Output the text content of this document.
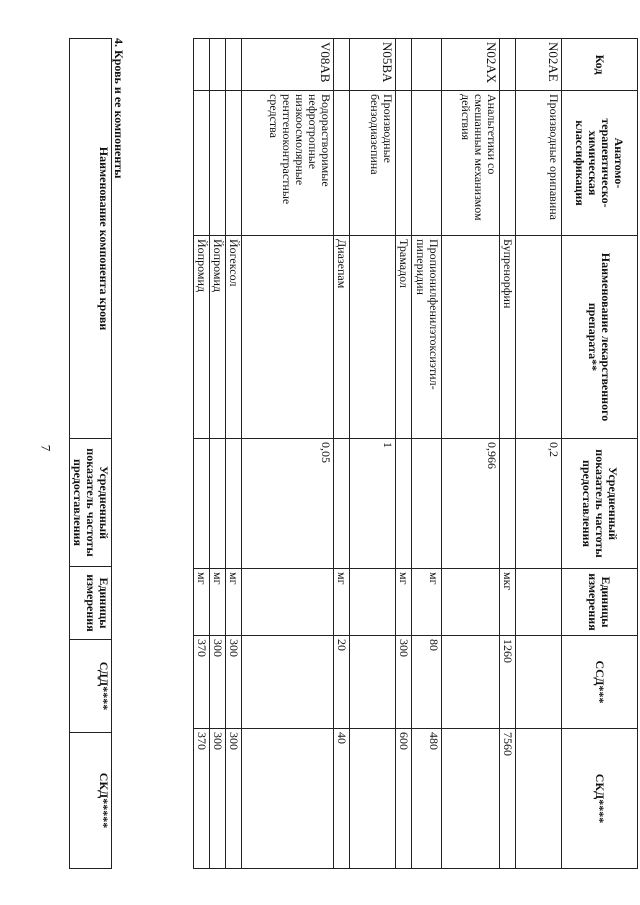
7
Код	Анатомо-терапевтическо-химическая классификация	Наименование лекарственного препарата**	Усредненный показатель частоты предоставления	Единицы измерения	ССД***	СКД****
N02AE	Производные орипавина		0,2			
		Бупренорфин		мкг	1260	7560
N02AX	Анальгетики со смешанным механизмом действия		0,966			
		Пропионилфенилэтоксиэтил-пиперидин		мг	80	480
		Трамадол		мг	300	600
N05BA	Производные бензодиазепина		1			
		Диазепам		мг	20	40
V08AB	Водорастворимые нефротропные низкоосмолярные рентгеноконтрастные средства		0,05			
		Йогексол		мг	300	300
		Йопромид		мг	300	300
		Йопромид		мг	370	370
4. Кровь и ее компоненты
Наименование компонента крови	Усредненный показатель частоты предоставления	Единицы измерения	СДД****	СКД*****
